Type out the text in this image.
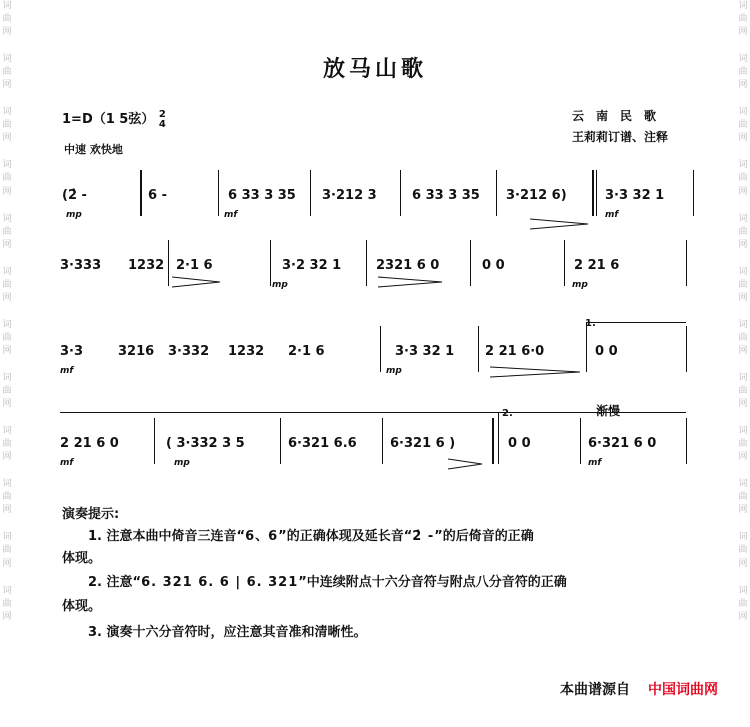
词
曲
网
词
曲
网
词
曲
网
词
曲
网
词
曲
网
词
曲
网
词
曲
网
词
曲
网
词
曲
网
词
曲
网
词
曲
网
词
曲
网
词
曲
网
词
曲
网
词
曲
网
词
曲
网
词
曲
网
词
曲
网
词
曲
网
词
曲
网
词
曲
网
词
曲
网
词
曲
网
词
曲
网
放马山歌
1=D（1 5弦） 2
4
中速 欢快地
云南民歌
王莉莉订谱、注释
(2̇ -	6 -	6 33 3 35 3·212 3	6 33 3 35 3·212 6)	3·3 32 1
mp	mf	mf
3·333 1232 2·1 6	3·2 32 1	2321 6 0	0 0	2 21 6
mp	mp
3·3	3216 3·332 1232 2·1 6	3·3 32 1 2 21 6·0	0 0
mf	mp
2 21 6 0	( 3·332 3 5	6·321 6.6	6·321 6 )	0 0	6·321 6 0
mf	mp	mf
1.
2.	渐慢
演奏提示:
1. 注意本曲中倚音三连音“6、6”的正确体现及延长音“2̇ -”的后倚音的正确
体现。
2. 注意“6. 321 6. 6 | 6. 321”中连续附点十六分音符与附点八分音符的正确
体现。
3. 演奏十六分音符时，应注意其音准和清晰性。
本曲谱源自 中国词曲网
